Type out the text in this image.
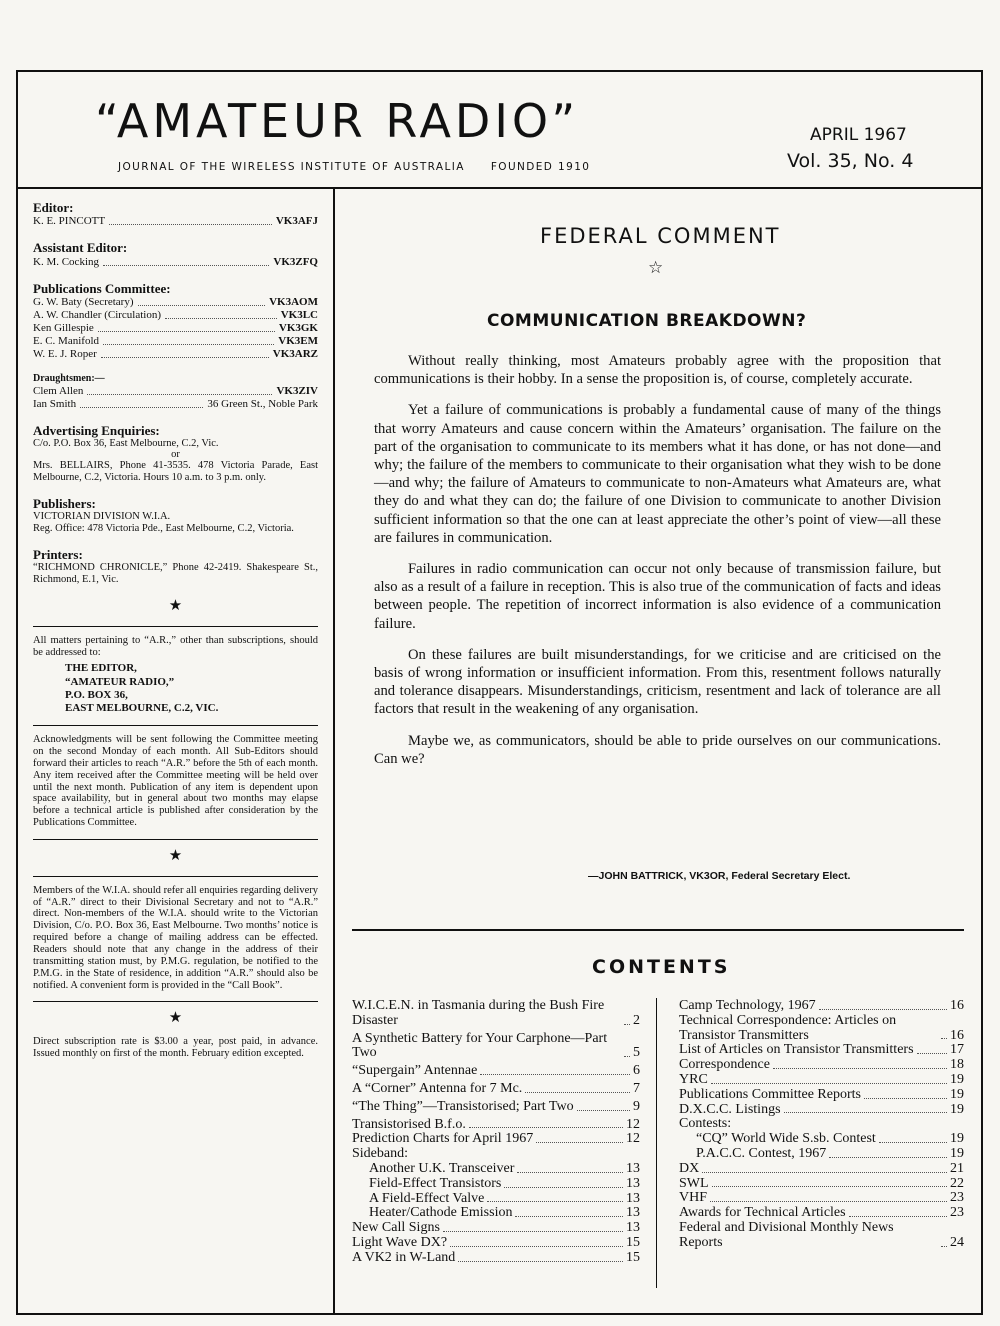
“AMATEUR RADIO”
JOURNAL OF THE WIRELESS INSTITUTE OF AUSTRALIA FOUNDED 1910
APRIL 1967
Vol. 35, No. 4
Editor:
K. E. PINCOTT	VK3AFJ
Assistant Editor:
K. M. Cocking	VK3ZFQ
Publications Committee:
G. W. Baty (Secretary)	VK3AOM
A. W. Chandler (Circulation)	VK3LC
Ken Gillespie	VK3GK
E. C. Manifold	VK3EM
W. E. J. Roper	VK3ARZ
Draughtsmen:—
Clem Allen	VK3ZIV
Ian Smith	36 Green St., Noble Park
Advertising Enquiries:
C/o. P.O. Box 36, East Melbourne, C.2, Vic.
or
Mrs. BELLAIRS, Phone 41-3535. 478 Victoria Parade, East Melbourne, C.2, Victoria. Hours 10 a.m. to 3 p.m. only.
Publishers:
VICTORIAN DIVISION W.I.A.
Reg. Office: 478 Victoria Pde., East Melbourne, C.2, Victoria.
Printers:
“RICHMOND CHRONICLE,” Phone 42-2419. Shakespeare St., Richmond, E.1, Vic.
★
All matters pertaining to “A.R.,” other than subscriptions, should be addressed to:
THE EDITOR,
“AMATEUR RADIO,”
P.O. BOX 36,
EAST MELBOURNE, C.2, VIC.
Acknowledgments will be sent following the Committee meeting on the second Monday of each month. All Sub-Editors should forward their articles to reach “A.R.” before the 5th of each month. Any item received after the Committee meeting will be held over until the next month. Publication of any item is dependent upon space availability, but in general about two months may elapse before a technical article is published after consideration by the Publications Committee.
★
Members of the W.I.A. should refer all enquiries regarding delivery of “A.R.” direct to their Divisional Secretary and not to “A.R.” direct. Non-members of the W.I.A. should write to the Victorian Division, C/o. P.O. Box 36, East Melbourne. Two months’ notice is required before a change of mailing address can be effected. Readers should note that any change in the address of their transmitting station must, by P.M.G. regulation, be notified to the P.M.G. in the State of residence, in addition “A.R.” should also be notified. A convenient form is provided in the “Call Book”.
★
Direct subscription rate is $3.00 a year, post paid, in advance. Issued monthly on first of the month. February edition excepted.
FEDERAL COMMENT
☆
COMMUNICATION BREAKDOWN?

Without really thinking, most Amateurs probably agree with the proposition that communications is their hobby. In a sense the proposition is, of course, completely accurate.

Yet a failure of communications is probably a fundamental cause of many of the things that worry Amateurs and cause concern within the Amateurs’ organisation. The failure on the part of the organisation to communicate to its members what it has done, or has not done—and why; the failure of the members to communicate to their organisation what they wish to be done—and why; the failure of Amateurs to communicate to non-Amateurs what Amateurs are, what they do and what they can do; the failure of one Division to communicate to another Division sufficient information so that the one can at least appreciate the other’s point of view—all these are failures in communication.

Failures in radio communication can occur not only because of transmission failure, but also as a result of a failure in reception. This is also true of the communication of facts and ideas between people. The repetition of incorrect information is also evidence of a communication failure.

On these failures are built misunderstandings, for we criticise and are criticised on the basis of wrong information or insufficient information. From this, resentment follows naturally and tolerance disappears. Misunderstandings, criticism, resentment and lack of tolerance are all factors that result in the weakening of any organisation.

Maybe we, as communicators, should be able to pride ourselves on our communications. Can we?

—JOHN BATTRICK, VK3OR, Federal Secretary Elect.
CONTENTS
W.I.C.E.N. in Tasmania during the Bush Fire Disaster	2
A Synthetic Battery for Your Carphone—Part Two	5
“Supergain” Antennae	6
A “Corner” Antenna for 7 Mc.	7
“The Thing”—Transistorised; Part Two	9
Transistorised B.f.o.	12
Prediction Charts for April 1967	12
Sideband:
Another U.K. Transceiver	13
Field-Effect Transistors	13
A Field-Effect Valve	13
Heater/Cathode Emission	13
New Call Signs	13
Light Wave DX?	15
A VK2 in W-Land	15
Camp Technology, 1967	16
Technical Correspondence: Articles on Transistor Transmitters	16
List of Articles on Transistor Transmitters	17
Correspondence	18
YRC	19
Publications Committee Reports	19
D.X.C.C. Listings	19
Contests:
“CQ” World Wide S.sb. Contest	19
P.A.C.C. Contest, 1967	19
DX	21
SWL	22
VHF	23
Awards for Technical Articles	23
Federal and Divisional Monthly News Reports	24
